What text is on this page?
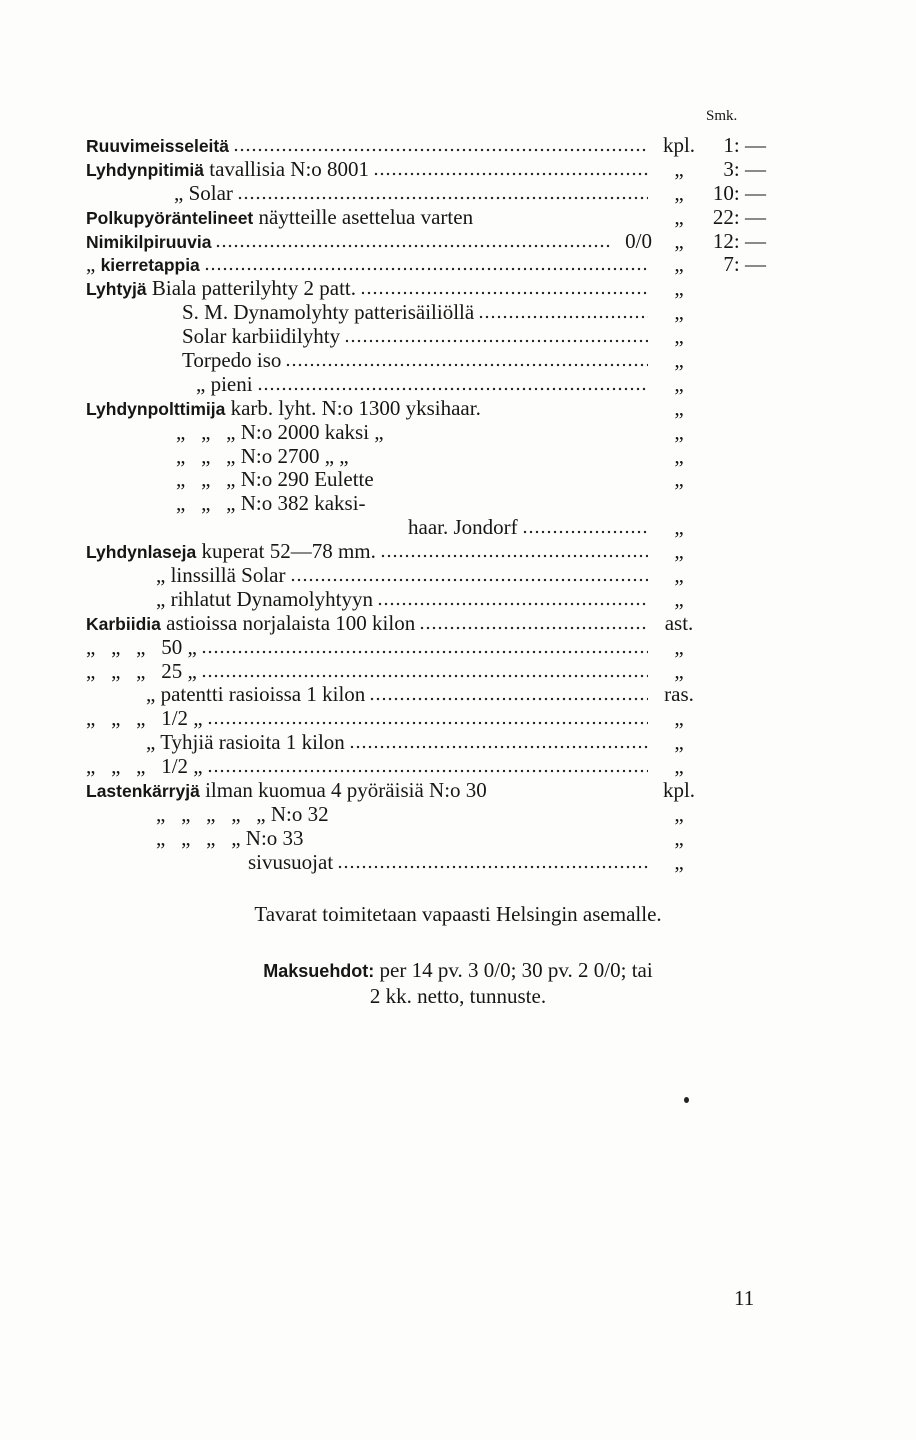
Smk.
Ruuvimeisseleitä	kpl.	1: —
Lyhdynpitimiä tavallisia N:o 8001	„	3: —
„ Solar	„	10: —
Polkupyöräntelineet näytteille asettelua varten	„	22: —
Nimikilpiruuvia	0/0	„	12: —
„ kierretappia	„	7: —
Lyhtyjä Biala patterilyhty 2 patt.	„
S. M. Dynamolyhty patterisäiliöllä	„
Solar karbiidilyhty	„
Torpedo iso	„
„ pieni	„
Lyhdynpolttimija karb. lyht. N:o 1300 yksihaar.	„
„   „   „ N:o 2000 kaksi „	„
„   „   „ N:o 2700 „ „	„
„   „   „ N:o 290 Eulette	„
„   „   „ N:o 382 kaksi-
haar. Jondorf	„
Lyhdynlaseja kuperat 52—78 mm.	„
„ linssillä Solar	„
„ rihlatut Dynamolyhtyyn	„
Karbiidia astioissa norjalaista 100 kilon	ast.
„   „   „   50 „	„
„   „   „   25 „	„
„ patentti rasioissa 1 kilon	ras.
„   „   „   1/2 „	„
„ Tyhjiä rasioita 1 kilon	„
„   „   „   1/2 „	„
Lastenkärryjä ilman kuomua 4 pyöräisiä N:o 30	kpl.
„   „   „   „   „ N:o 32	„
„   „   „   „ N:o 33	„
sivusuojat	„
Tavarat toimitetaan vapaasti Helsingin asemalle.
Maksuehdot: per 14 pv. 3 0/0; 30 pv. 2 0/0; tai
2 kk. netto, tunnuste.
11
